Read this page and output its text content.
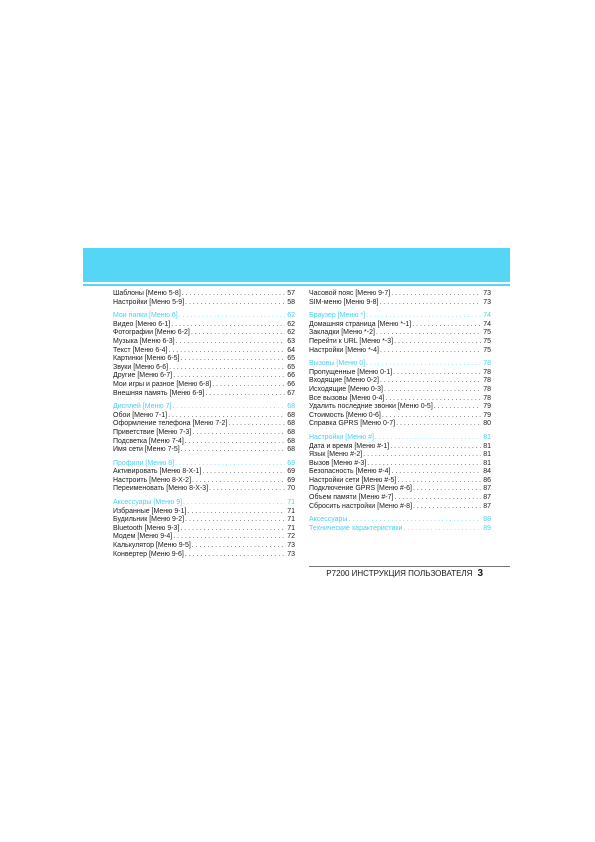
Шаблоны [Меню 5-8] . . .	57
Настройки [Меню 5-9] . . .	58
Мои папки [Меню 6] . . .	62
Видео [Меню 6-1] . . .	62
Фотографии [Меню 6-2] . . .	62
Музыка [Меню 6-3] . . .	63
Текст [Меню 6-4] . . .	64
Картинки [Меню 6-5] . . .	65
Звуки [Меню 6-6] . . .	65
Другие [Меню 6-7] . . .	66
Мои игры и разное [Меню 6-8] . . .	66
Внешняя память [Меню 6-9] . . .	67
Дисплей [Меню 7] . . .	68
Обои [Меню 7-1] . . .	68
Оформление телефона [Меню 7-2] . . .	68
Приветствие [Меню 7-3] . . .	68
Подсветка [Меню 7-4] . . .	68
Имя сети [Меню 7-5] . . .	68
Профили [Меню 8] . . .	69
Активировать [Меню 8-X-1] . . .	69
Настроить [Меню 8-X-2] . . .	69
Переименовать [Меню 8-X-3] . . .	70
Аксессуары [Меню 9] . . .	71
Избранные [Меню 9-1] . . .	71
Будильник [Меню 9-2] . . .	71
Bluetooth [Меню 9-3] . . .	71
Модем [Меню 9-4] . . .	72
Калькулятор [Меню 9-5] . . .	73
Конвертер [Меню 9-6] . . .	73
Часовой пояс [Меню 9-7] . . .	73
SIM-меню [Меню 9-8] . . .	73
Браузер [Меню *] . . .	74
Домашняя страница [Меню *-1] . . .	74
Закладки [Меню *-2] . . .	75
Перейти к URL [Меню *-3] . . .	75
Настройки [Меню *-4] . . .	75
Вызовы [Меню 0] . . .	78
Пропущенные [Меню 0-1] . . .	78
Входящие [Меню 0-2] . . .	78
Исходящие [Меню 0-3] . . .	78
Все вызовы [Меню 0-4] . . .	78
Удалить последние звонки [Меню 0-5] . . .	79
Стоимость [Меню 0-6] . . .	79
Справка GPRS [Меню 0-7] . . .	80
Настройки [Меню #] . . .	81
Дата и время [Меню #-1] . . .	81
Язык [Меню #-2] . . .	81
Вызов [Меню #-3] . . .	81
Безопасность [Меню #-4] . . .	84
Настройки сети [Меню #-5] . . .	86
Подключение GPRS [Меню #-6] . . .	87
Объем памяти [Меню #-7] . . .	87
Сбросить настройки [Меню #-8] . . .	87
Аксессуары . . .	88
Технические характеристики . . .	89
P7200 ИНСТРУКЦИЯ ПОЛЬЗОВАТЕЛЯ 3
